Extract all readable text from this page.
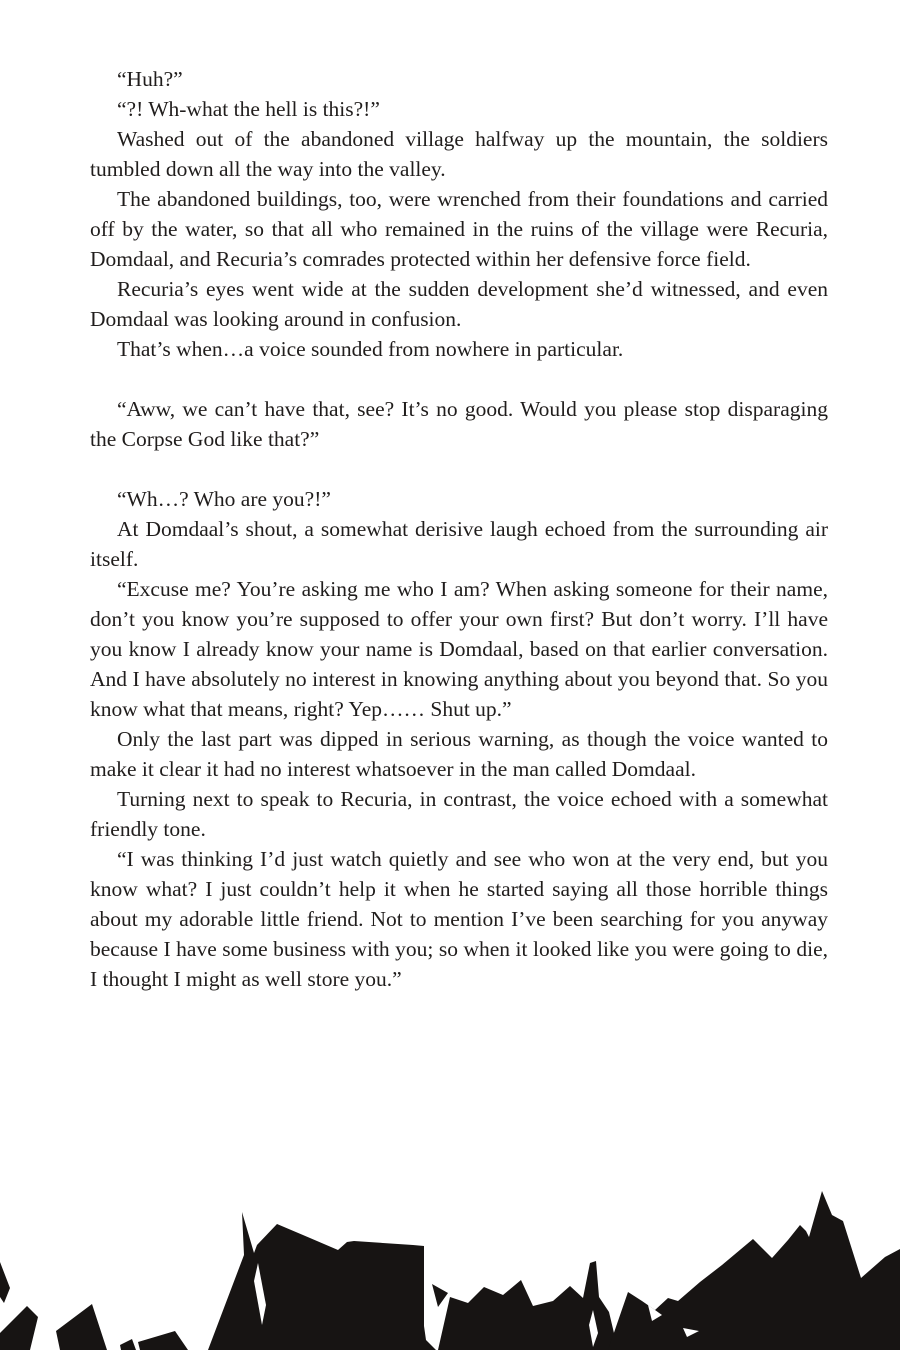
“Huh?”

“?! Wh-what the hell is this?!”

Washed out of the abandoned village halfway up the mountain, the soldiers tumbled down all the way into the valley.

The abandoned buildings, too, were wrenched from their foundations and carried off by the water, so that all who remained in the ruins of the village were Recuria, Domdaal, and Recuria’s comrades protected within her defensive force field.

Recuria’s eyes went wide at the sudden development she’d witnessed, and even Domdaal was looking around in confusion.

That’s when…a voice sounded from nowhere in particular.

“Aww, we can’t have that, see? It’s no good. Would you please stop disparaging the Corpse God like that?”

“Wh…? Who are you?!”

At Domdaal’s shout, a somewhat derisive laugh echoed from the surrounding air itself.

“Excuse me? You’re asking me who I am? When asking someone for their name, don’t you know you’re supposed to offer your own first? But don’t worry. I’ll have you know I already know your name is Domdaal, based on that earlier conversation. And I have absolutely no interest in knowing anything about you beyond that. So you know what that means, right? Yep…… Shut up.”

Only the last part was dipped in serious warning, as though the voice wanted to make it clear it had no interest whatsoever in the man called Domdaal.

Turning next to speak to Recuria, in contrast, the voice echoed with a somewhat friendly tone.

“I was thinking I’d just watch quietly and see who won at the very end, but you know what? I just couldn’t help it when he started saying all those horrible things about my adorable little friend. Not to mention I’ve been searching for you anyway because I have some business with you; so when it looked like you were going to die, I thought I might as well store you.”
